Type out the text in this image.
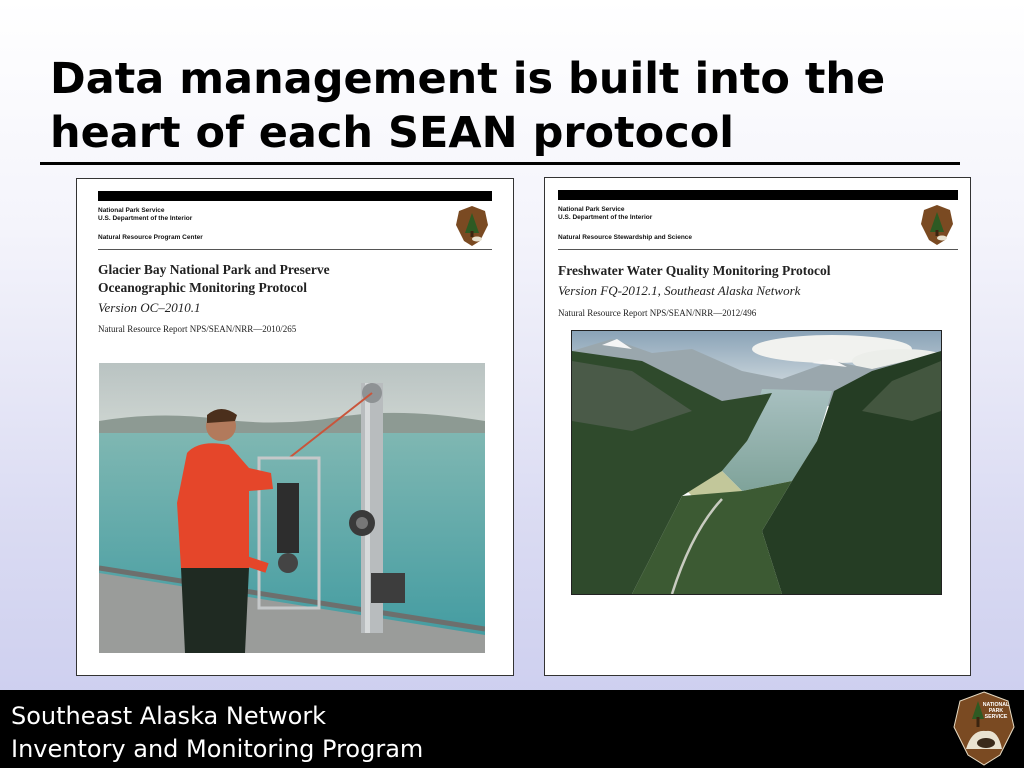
Data management is built into the
heart of each SEAN protocol
National Park Service
U.S. Department of the Interior
Natural Resource Program Center
Glacier Bay National Park and Preserve
Oceanographic Monitoring Protocol
Version OC–2010.1
Natural Resource Report NPS/SEAN/NRR—2010/265
National Park Service
U.S. Department of the Interior
Natural Resource Stewardship and Science
Freshwater Water Quality Monitoring Protocol
Version FQ-2012.1, Southeast Alaska Network
Natural Resource Report NPS/SEAN/NRR—2012/496
Southeast Alaska Network
Inventory and Monitoring Program
NATIONAL
PARK
SERVICE
